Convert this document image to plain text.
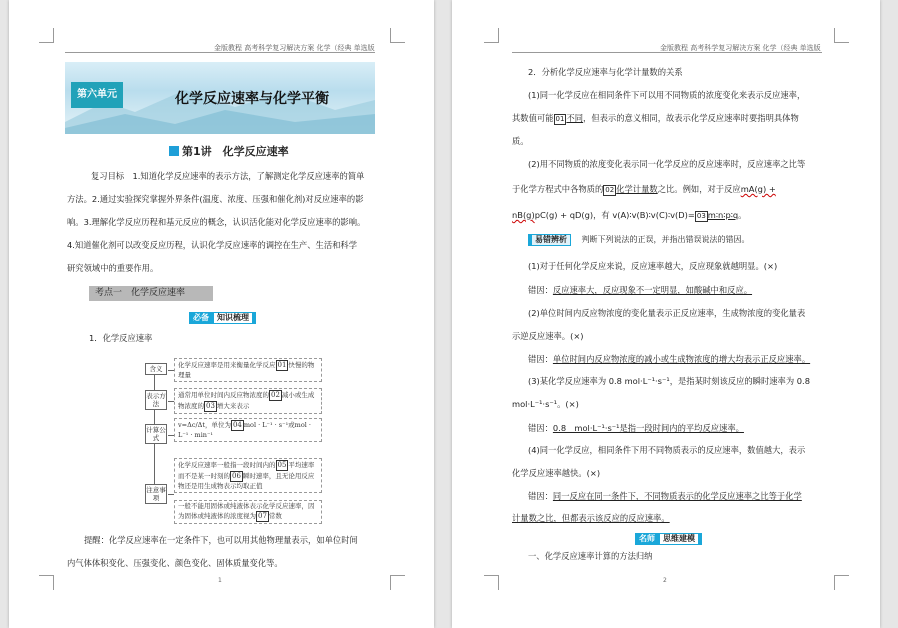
金版教程 高考科学复习解决方案 化学（经典 单选版
第六单元	化学反应速率与化学平衡
第1讲　化学反应速率
复习目标　1.知道化学反应速率的表示方法，了解测定化学反应速率的简单
方法。2.通过实验探究掌握外界条件(温度、浓度、压强和催化剂)对反应速率的影
响。3.理解化学反应历程和基元反应的概念，认识活化能对化学反应速率的影响。
4.知道催化剂可以改变反应历程，认识化学反应速率的调控在生产、生活和科学
研究领域中的重要作用。
考点一　化学反应速率
必备 知识梳理
1．化学反应速率
含义
表示方法
计算公式
注意事项
化学反应速率是用来衡量化学反应 01 快慢的物理量
通常用单位时间内反应物浓度的 02 减小或生成物浓度的 03 增大来表示
v=Δc/Δt，单位为 04 mol · L⁻¹ · s⁻¹或mol · L⁻¹ · min⁻¹
化学反应速率一般指一段时间内的 05 平均速率而不是某一时刻的 06 瞬时速率，且无论用反应物还是用生成物表示均取正值
一般不能用固体或纯液体表示化学反应速率，因为固体或纯液体的浓度视为 07 常数
提醒：化学反应速率在一定条件下，也可以用其他物理量表示，如单位时间
内气体体积变化、压强变化、颜色变化、固体质量变化等。
1
金版教程 高考科学复习解决方案 化学（经典 单选版
2．分析化学反应速率与化学计量数的关系
(1)同一化学反应在相同条件下可以用不同物质的浓度变化来表示反应速率，
其数值可能 01 不同，但表示的意义相同，故表示化学反应速率时要指明具体物
质。
(2)用不同物质的浓度变化表示同一化学反应的反应速率时，反应速率之比等
于化学方程式中各物质的 02 化学计量数之比。例如，对于反应mA(g) +
nB(g)pC(g) + qD(g)，有 v(A)∶v(B)∶v(C)∶v(D)= 03 m∶n∶p∶q。
易错辨析 判断下列说法的正误，并指出错误说法的错因。
(1)对于任何化学反应来说，反应速率越大，反应现象就越明显。(×)
错因：反应速率大，反应现象不一定明显，如酸碱中和反应。
(2)单位时间内反应物浓度的变化量表示正反应速率，生成物浓度的变化量表
示逆反应速率。(×)
错因：单位时间内反应物浓度的减小或生成物浓度的增大均表示正反应速率。
(3)某化学反应速率为 0.8 mol·L⁻¹·s⁻¹，是指某时刻该反应的瞬时速率为 0.8
mol·L⁻¹·s⁻¹。(×)
错因：0.8　mol·L⁻¹·s⁻¹是指一段时间内的平均反应速率。
(4)同一化学反应，相同条件下用不同物质表示的反应速率，数值越大，表示
化学反应速率越快。(×)
错因：同一反应在同一条件下，不同物质表示的化学反应速率之比等于化学
计量数之比，但都表示该反应的反应速率。
名师 思维建模
一、化学反应速率计算的方法归纳
2
